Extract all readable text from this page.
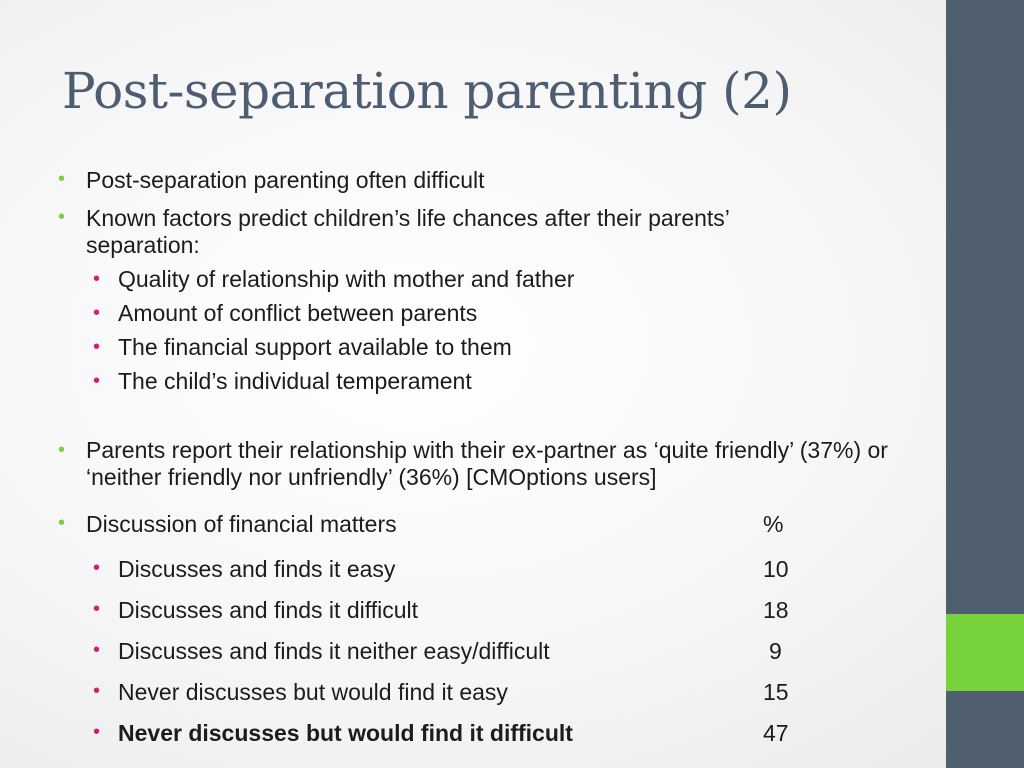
Post-separation parenting (2)
• Post-separation parenting often difficult

• Known factors predict children’s life chances after their parents’ separation:

• Quality of relationship with mother and father

• Amount of conflict between parents

• The financial support available to them

• The child’s individual temperament

• Parents report their relationship with their ex-partner as ‘quite friendly’ (37%) or ‘neither friendly nor unfriendly’ (36%) [CMOptions users]

• Discussion of financial matters	%
• Discusses and finds it easy	10
• Discusses and finds it difficult	18
• Discusses and finds it neither easy/difficult	9
• Never discusses but would find it easy	15
• Never discusses but would find it difficult	47
